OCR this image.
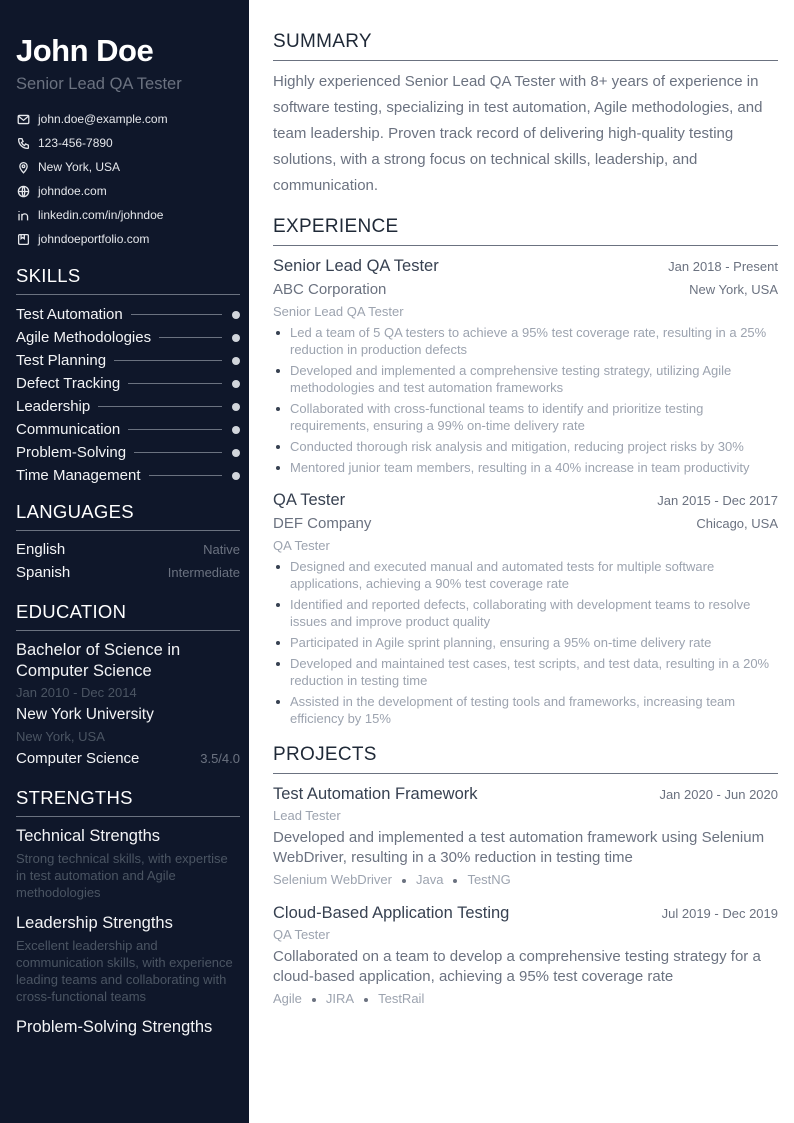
John Doe
Senior Lead QA Tester
john.doe@example.com
123-456-7890
New York, USA
johndoe.com
linkedin.com/in/johndoe
johndoeportfolio.com
SKILLS
Test Automation
Agile Methodologies
Test Planning
Defect Tracking
Leadership
Communication
Problem-Solving
Time Management
LANGUAGES
English	Native
Spanish	Intermediate
EDUCATION
Bachelor of Science in Computer Science
Jan 2010 - Dec 2014
New York University
New York, USA
Computer Science	3.5/4.0
STRENGTHS
Technical Strengths
Strong technical skills, with expertise in test automation and Agile methodologies
Leadership Strengths
Excellent leadership and communication skills, with experience leading teams and collaborating with cross-functional teams
Problem-Solving Strengths
SUMMARY
Highly experienced Senior Lead QA Tester with 8+ years of experience in software testing, specializing in test automation, Agile methodologies, and team leadership. Proven track record of delivering high-quality testing solutions, with a strong focus on technical skills, leadership, and communication.
EXPERIENCE
Senior Lead QA Tester	Jan 2018 - Present
ABC Corporation	New York, USA
Senior Lead QA Tester
Led a team of 5 QA testers to achieve a 95% test coverage rate, resulting in a 25% reduction in production defects
Developed and implemented a comprehensive testing strategy, utilizing Agile methodologies and test automation frameworks
Collaborated with cross-functional teams to identify and prioritize testing requirements, ensuring a 99% on-time delivery rate
Conducted thorough risk analysis and mitigation, reducing project risks by 30%
Mentored junior team members, resulting in a 40% increase in team productivity
QA Tester	Jan 2015 - Dec 2017
DEF Company	Chicago, USA
QA Tester
Designed and executed manual and automated tests for multiple software applications, achieving a 90% test coverage rate
Identified and reported defects, collaborating with development teams to resolve issues and improve product quality
Participated in Agile sprint planning, ensuring a 95% on-time delivery rate
Developed and maintained test cases, test scripts, and test data, resulting in a 20% reduction in testing time
Assisted in the development of testing tools and frameworks, increasing team efficiency by 15%
PROJECTS
Test Automation Framework	Jan 2020 - Jun 2020
Lead Tester
Developed and implemented a test automation framework using Selenium WebDriver, resulting in a 30% reduction in testing time
Selenium WebDriver Java TestNG
Cloud-Based Application Testing	Jul 2019 - Dec 2019
QA Tester
Collaborated on a team to develop a comprehensive testing strategy for a cloud-based application, achieving a 95% test coverage rate
Agile JIRA TestRail
